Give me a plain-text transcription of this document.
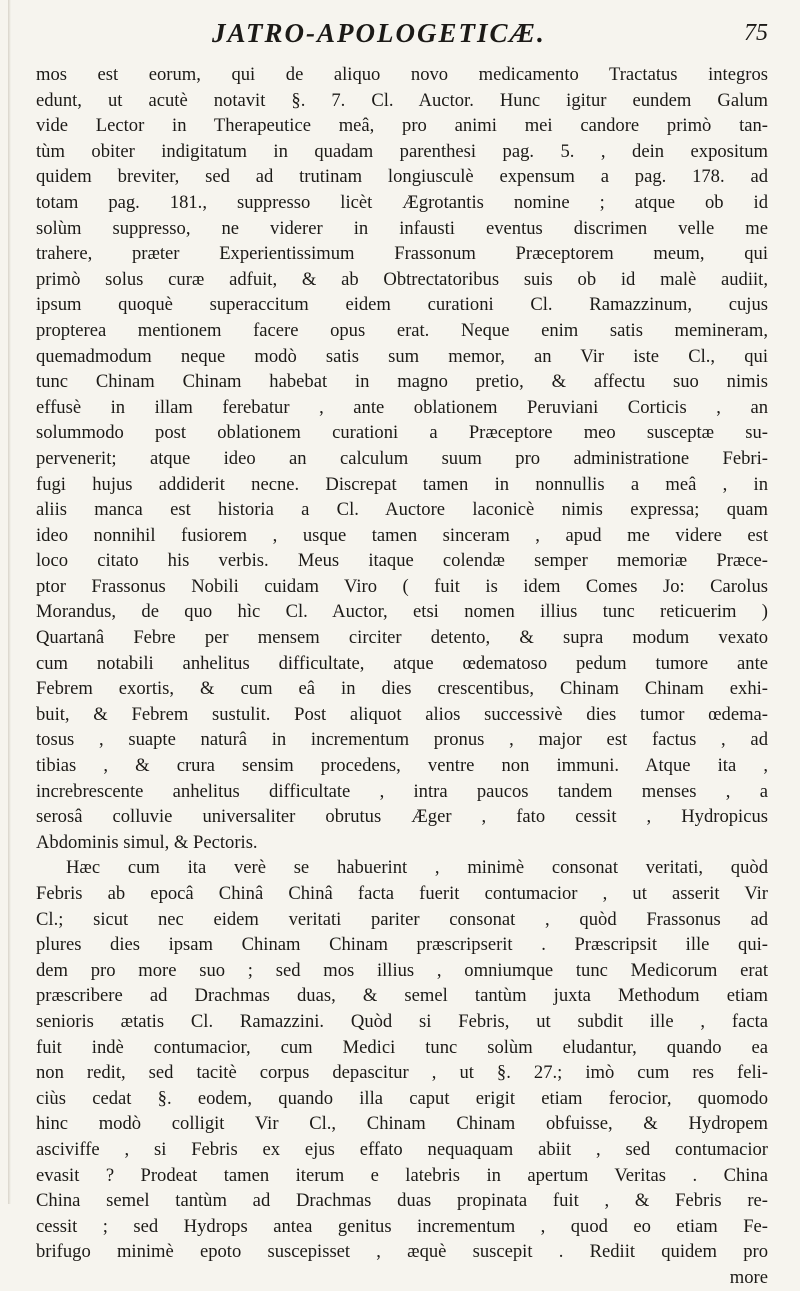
JATRO-APOLOGETICÆ.	75
mos est eorum, qui de aliquo novo medicamento Tractatus integros
edunt, ut acutè notavit §. 7. Cl. Auctor. Hunc igitur eundem Galum
vide Lector in Therapeutice meâ, pro animi mei candore primò tan-
tùm obiter indigitatum in quadam parenthesi pag. 5. , dein expositum
quidem breviter, sed ad trutinam longiusculè expensum a pag. 178. ad
totam pag. 181., suppresso licèt Ægrotantis nomine ; atque ob id
solùm suppresso, ne viderer in infausti eventus discrimen velle me
trahere, præter Experientissimum Frassonum Præceptorem meum, qui
primò solus curæ adfuit, & ab Obtrectatoribus suis ob id malè audiit,
ipsum quoquè superaccitum eidem curationi Cl. Ramazzinum, cujus
propterea mentionem facere opus erat. Neque enim satis memineram,
quemadmodum neque modò satis sum memor, an Vir iste Cl., qui
tunc Chinam Chinam habebat in magno pretio, & affectu suo nimis
effusè in illam ferebatur , ante oblationem Peruviani Corticis , an
solummodo post oblationem curationi a Præceptore meo susceptæ su-
pervenerit; atque ideo an calculum suum pro administratione Febri-
fugi hujus addiderit necne. Discrepat tamen in nonnullis a meâ , in
aliis manca est historia a Cl. Auctore laconicè nimis expressa; quam
ideo nonnihil fusiorem , usque tamen sinceram , apud me videre est
loco citato his verbis. Meus itaque colendæ semper memoriæ Præce-
ptor Frassonus Nobili cuidam Viro ( fuit is idem Comes Jo: Carolus
Morandus, de quo hìc Cl. Auctor, etsi nomen illius tunc reticuerim )
Quartanâ Febre per mensem circiter detento, & supra modum vexato
cum notabili anhelitus difficultate, atque œdematoso pedum tumore ante
Febrem exortis, & cum eâ in dies crescentibus, Chinam Chinam exhi-
buit, & Febrem sustulit. Post aliquot alios successivè dies tumor œdema-
tosus , suapte naturâ in incrementum pronus , major est factus , ad
tibias , & crura sensim procedens, ventre non immuni. Atque ita ,
increbrescente anhelitus difficultate , intra paucos tandem menses , a
serosâ colluvie universaliter obrutus Æger , fato cessit , Hydropicus
Abdominis simul, & Pectoris.
Hæc cum ita verè se habuerint , minimè consonat veritati, quòd
Febris ab epocâ Chinâ Chinâ facta fuerit contumacior , ut asserit Vir
Cl.; sicut nec eidem veritati pariter consonat , quòd Frassonus ad
plures dies ipsam Chinam Chinam præscripserit . Præscripsit ille qui-
dem pro more suo ; sed mos illius , omniumque tunc Medicorum erat
præscribere ad Drachmas duas, & semel tantùm juxta Methodum etiam
senioris ætatis Cl. Ramazzini. Quòd si Febris, ut subdit ille , facta
fuit indè contumacior, cum Medici tunc solùm eludantur, quando ea
non redit, sed tacitè corpus depascitur , ut §. 27.; imò cum res feli-
ciùs cedat §. eodem, quando illa caput erigit etiam ferocior, quomodo
hinc modò colligit Vir Cl., Chinam Chinam obfuisse, & Hydropem
asciviffe , si Febris ex ejus effato nequaquam abiit , sed contumacior
evasit ? Prodeat tamen iterum e latebris in apertum Veritas . China
China semel tantùm ad Drachmas duas propinata fuit , & Febris re-
cessit ; sed Hydrops antea genitus incrementum , quod eo etiam Fe-
brifugo minimè epoto suscepisset , æquè suscepit . Rediit quidem pro
more
